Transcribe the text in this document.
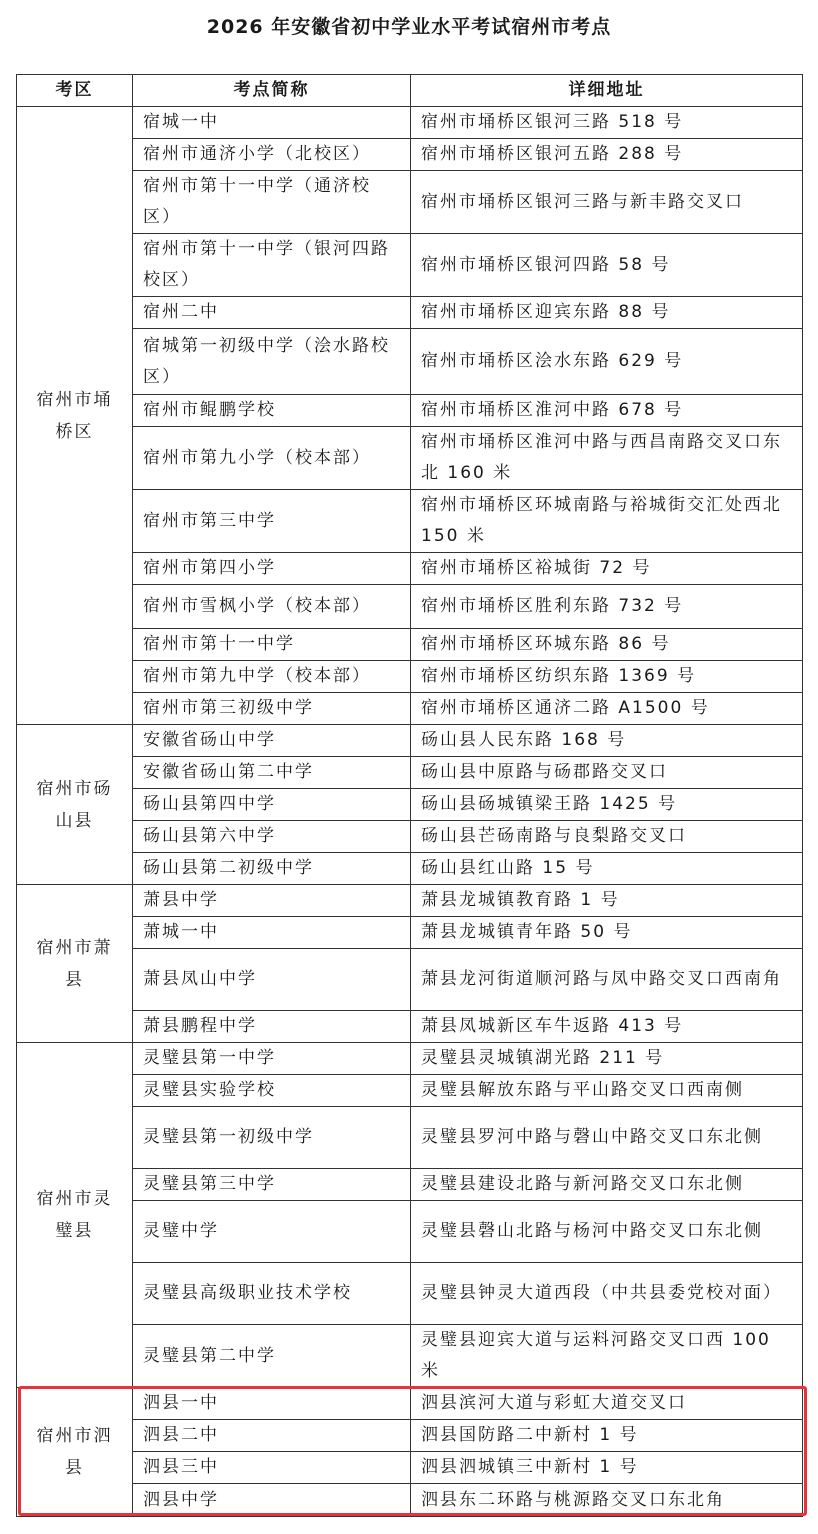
2026 年安徽省初中学业水平考试宿州市考点
考区	考点简称	详细地址
宿州市埇桥区	宿城一中	宿州市埇桥区银河三路 518 号
	宿州市通济小学（北校区）	宿州市埇桥区银河五路 288 号
	宿州市第十一中学（通济校区）	宿州市埇桥区银河三路与新丰路交叉口
	宿州市第十一中学（银河四路校区）	宿州市埇桥区银河四路 58 号
	宿州二中	宿州市埇桥区迎宾东路 88 号
	宿城第一初级中学（浍水路校区）	宿州市埇桥区浍水东路 629 号
	宿州市鲲鹏学校	宿州市埇桥区淮河中路 678 号
	宿州市第九小学（校本部）	宿州市埇桥区淮河中路与西昌南路交叉口东北 160 米
	宿州市第三中学	宿州市埇桥区环城南路与裕城街交汇处西北 150 米
	宿州市第四小学	宿州市埇桥区裕城街 72 号
	宿州市雪枫小学（校本部）	宿州市埇桥区胜利东路 732 号
	宿州市第十一中学	宿州市埇桥区环城东路 86 号
	宿州市第九中学（校本部）	宿州市埇桥区纺织东路 1369 号
	宿州市第三初级中学	宿州市埇桥区通济二路 A1500 号
宿州市砀山县	安徽省砀山中学	砀山县人民东路 168 号
	安徽省砀山第二中学	砀山县中原路与砀郡路交叉口
	砀山县第四中学	砀山县砀城镇梁王路 1425 号
	砀山县第六中学	砀山县芒砀南路与良梨路交叉口
	砀山县第二初级中学	砀山县红山路 15 号
宿州市萧县	萧县中学	萧县龙城镇教育路 1 号
	萧城一中	萧县龙城镇青年路 50 号
	萧县凤山中学	萧县龙河街道顺河路与凤中路交叉口西南角
	萧县鹏程中学	萧县凤城新区车牛返路 413 号
宿州市灵璧县	灵璧县第一中学	灵璧县灵城镇湖光路 211 号
	灵璧县实验学校	灵璧县解放东路与平山路交叉口西南侧
	灵璧县第一初级中学	灵璧县罗河中路与磬山中路交叉口东北侧
	灵璧县第三中学	灵璧县建设北路与新河路交叉口东北侧
	灵璧中学	灵璧县磬山北路与杨河中路交叉口东北侧
	灵璧县高级职业技术学校	灵璧县钟灵大道西段（中共县委党校对面）
	灵璧县第二中学	灵璧县迎宾大道与运料河路交叉口西 100 米
宿州市泗县	泗县一中	泗县滨河大道与彩虹大道交叉口
	泗县二中	泗县国防路二中新村 1 号
	泗县三中	泗县泗城镇三中新村 1 号
	泗县中学	泗县东二环路与桃源路交叉口东北角
